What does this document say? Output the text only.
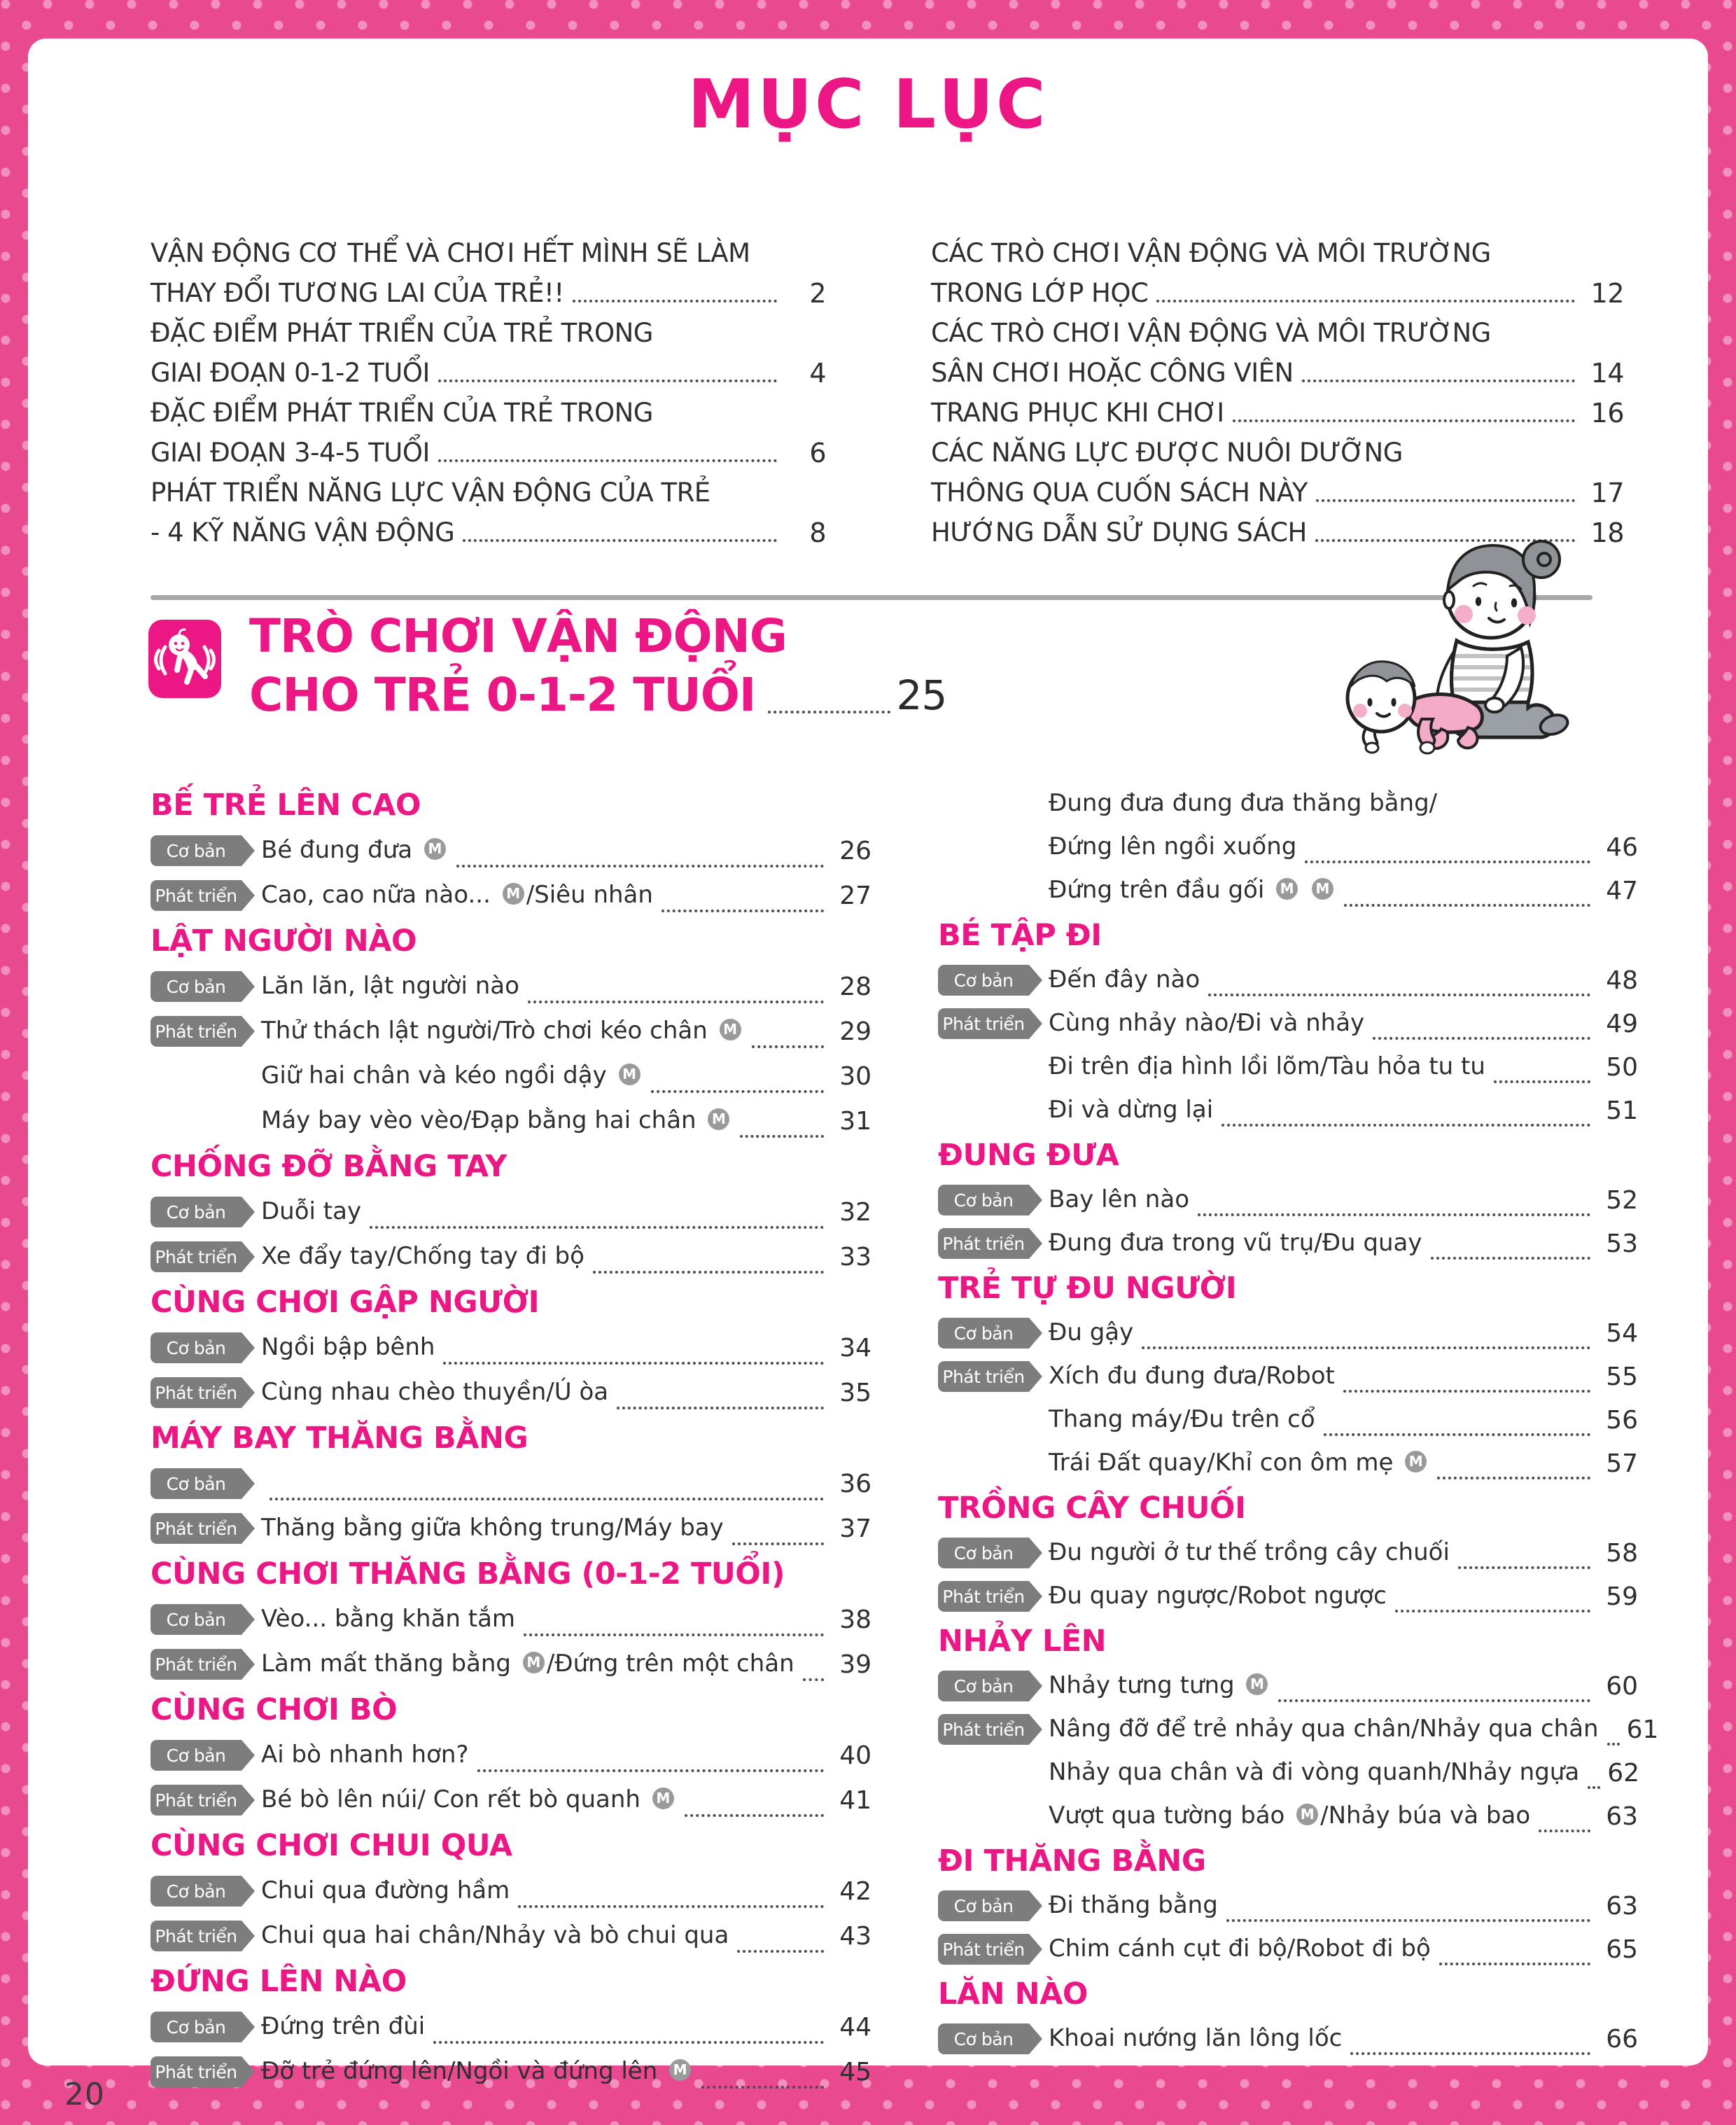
MỤC LỤC
VẬN ĐỘNG CƠ THỂ VÀ CHƠI HẾT MÌNH SẼ LÀM
THAY ĐỔI TƯƠNG LAI CỦA TRẺ!!	2
ĐẶC ĐIỂM PHÁT TRIỂN CỦA TRẺ TRONG
GIAI ĐOẠN 0-1-2 TUỔI	4
ĐẶC ĐIỂM PHÁT TRIỂN CỦA TRẺ TRONG
GIAI ĐOẠN 3-4-5 TUỔI	6
PHÁT TRIỂN NĂNG LỰC VẬN ĐỘNG CỦA TRẺ
- 4 KỸ NĂNG VẬN ĐỘNG	8
CÁC TRÒ CHƠI VẬN ĐỘNG VÀ MÔI TRƯỜNG
TRONG LỚP HỌC	12
CÁC TRÒ CHƠI VẬN ĐỘNG VÀ MÔI TRƯỜNG
SÂN CHƠI HOẶC CÔNG VIÊN	14
TRANG PHỤC KHI CHƠI	16
CÁC NĂNG LỰC ĐƯỢC NUÔI DƯỠNG
THÔNG QUA CUỐN SÁCH NÀY	17
HƯỚNG DẪN SỬ DỤNG SÁCH	18
TRÒ CHƠI VẬN ĐỘNG
CHO TRẺ 0-1-2 TUỔI	25
BẾ TRẺ LÊN CAO
Cơ bản	Bé đung đưa M	26
Phát triển Cao, cao nữa nào... M /Siêu nhân	27
LẬT NGƯỜI NÀO
Cơ bản	Lăn lăn, lật người nào	28
Phát triển Thử thách lật người/Trò chơi kéo chân M	29
Giữ hai chân và kéo ngồi dậy M	30
Máy bay vèo vèo/Đạp bằng hai chân M	31
CHỐNG ĐỠ BẰNG TAY
Cơ bản	Duỗi tay	32
Phát triển Xe đẩy tay/Chống tay đi bộ	33
CÙNG CHƠI GẬP NGƯỜI
Cơ bản	Ngồi bập bênh	34
Phát triển Cùng nhau chèo thuyền/Ú òa	35
MÁY BAY THĂNG BẰNG
Cơ bản	36
Phát triển Thăng bằng giữa không trung/Máy bay	37
CÙNG CHƠI THĂNG BẰNG (0-1-2 TUỔI)
Cơ bản	Vèo... bằng khăn tắm	38
Phát triển Làm mất thăng bằng M /Đứng trên một chân	39
CÙNG CHƠI BÒ
Cơ bản	Ai bò nhanh hơn?	40
Phát triển Bé bò lên núi/ Con rết bò quanh M	41
CÙNG CHƠI CHUI QUA
Cơ bản	Chui qua đường hầm	42
Phát triển Chui qua hai chân/Nhảy và bò chui qua	43
ĐỨNG LÊN NÀO
Cơ bản	Đứng trên đùi	44
Phát triển Đỡ trẻ đứng lên/Ngồi và đứng lên M	45
Đung đưa đung đưa thăng bằng/
Đứng lên ngồi xuống	46
Đứng trên đầu gối M M	47
BÉ TẬP ĐI
Cơ bản	Đến đây nào	48
Phát triển Cùng nhảy nào/Đi và nhảy	49
Đi trên địa hình lồi lõm/Tàu hỏa tu tu	50
Đi và dừng lại	51
ĐUNG ĐƯA
Cơ bản	Bay lên nào	52
Phát triển Đung đưa trong vũ trụ/Đu quay	53
TRẺ TỰ ĐU NGƯỜI
Cơ bản	Đu gậy	54
Phát triển Xích đu đung đưa/Robot	55
Thang máy/Đu trên cổ	56
Trái Đất quay/Khỉ con ôm mẹ M	57
TRỒNG CÂY CHUỐI
Cơ bản	Đu người ở tư thế trồng cây chuối	58
Phát triển Đu quay ngược/Robot ngược	59
NHẢY LÊN
Cơ bản	Nhảy tưng tưng M	60
Phát triển Nâng đỡ để trẻ nhảy qua chân/Nhảy qua chân 61
Nhảy qua chân và đi vòng quanh/Nhảy ngựa 62
Vượt qua tường báo M /Nhảy búa và bao	63
ĐI THĂNG BẰNG
Cơ bản	Đi thăng bằng	63
Phát triển Chim cánh cụt đi bộ/Robot đi bộ	65
LĂN NÀO
Cơ bản	Khoai nướng lăn lông lốc	66
20
